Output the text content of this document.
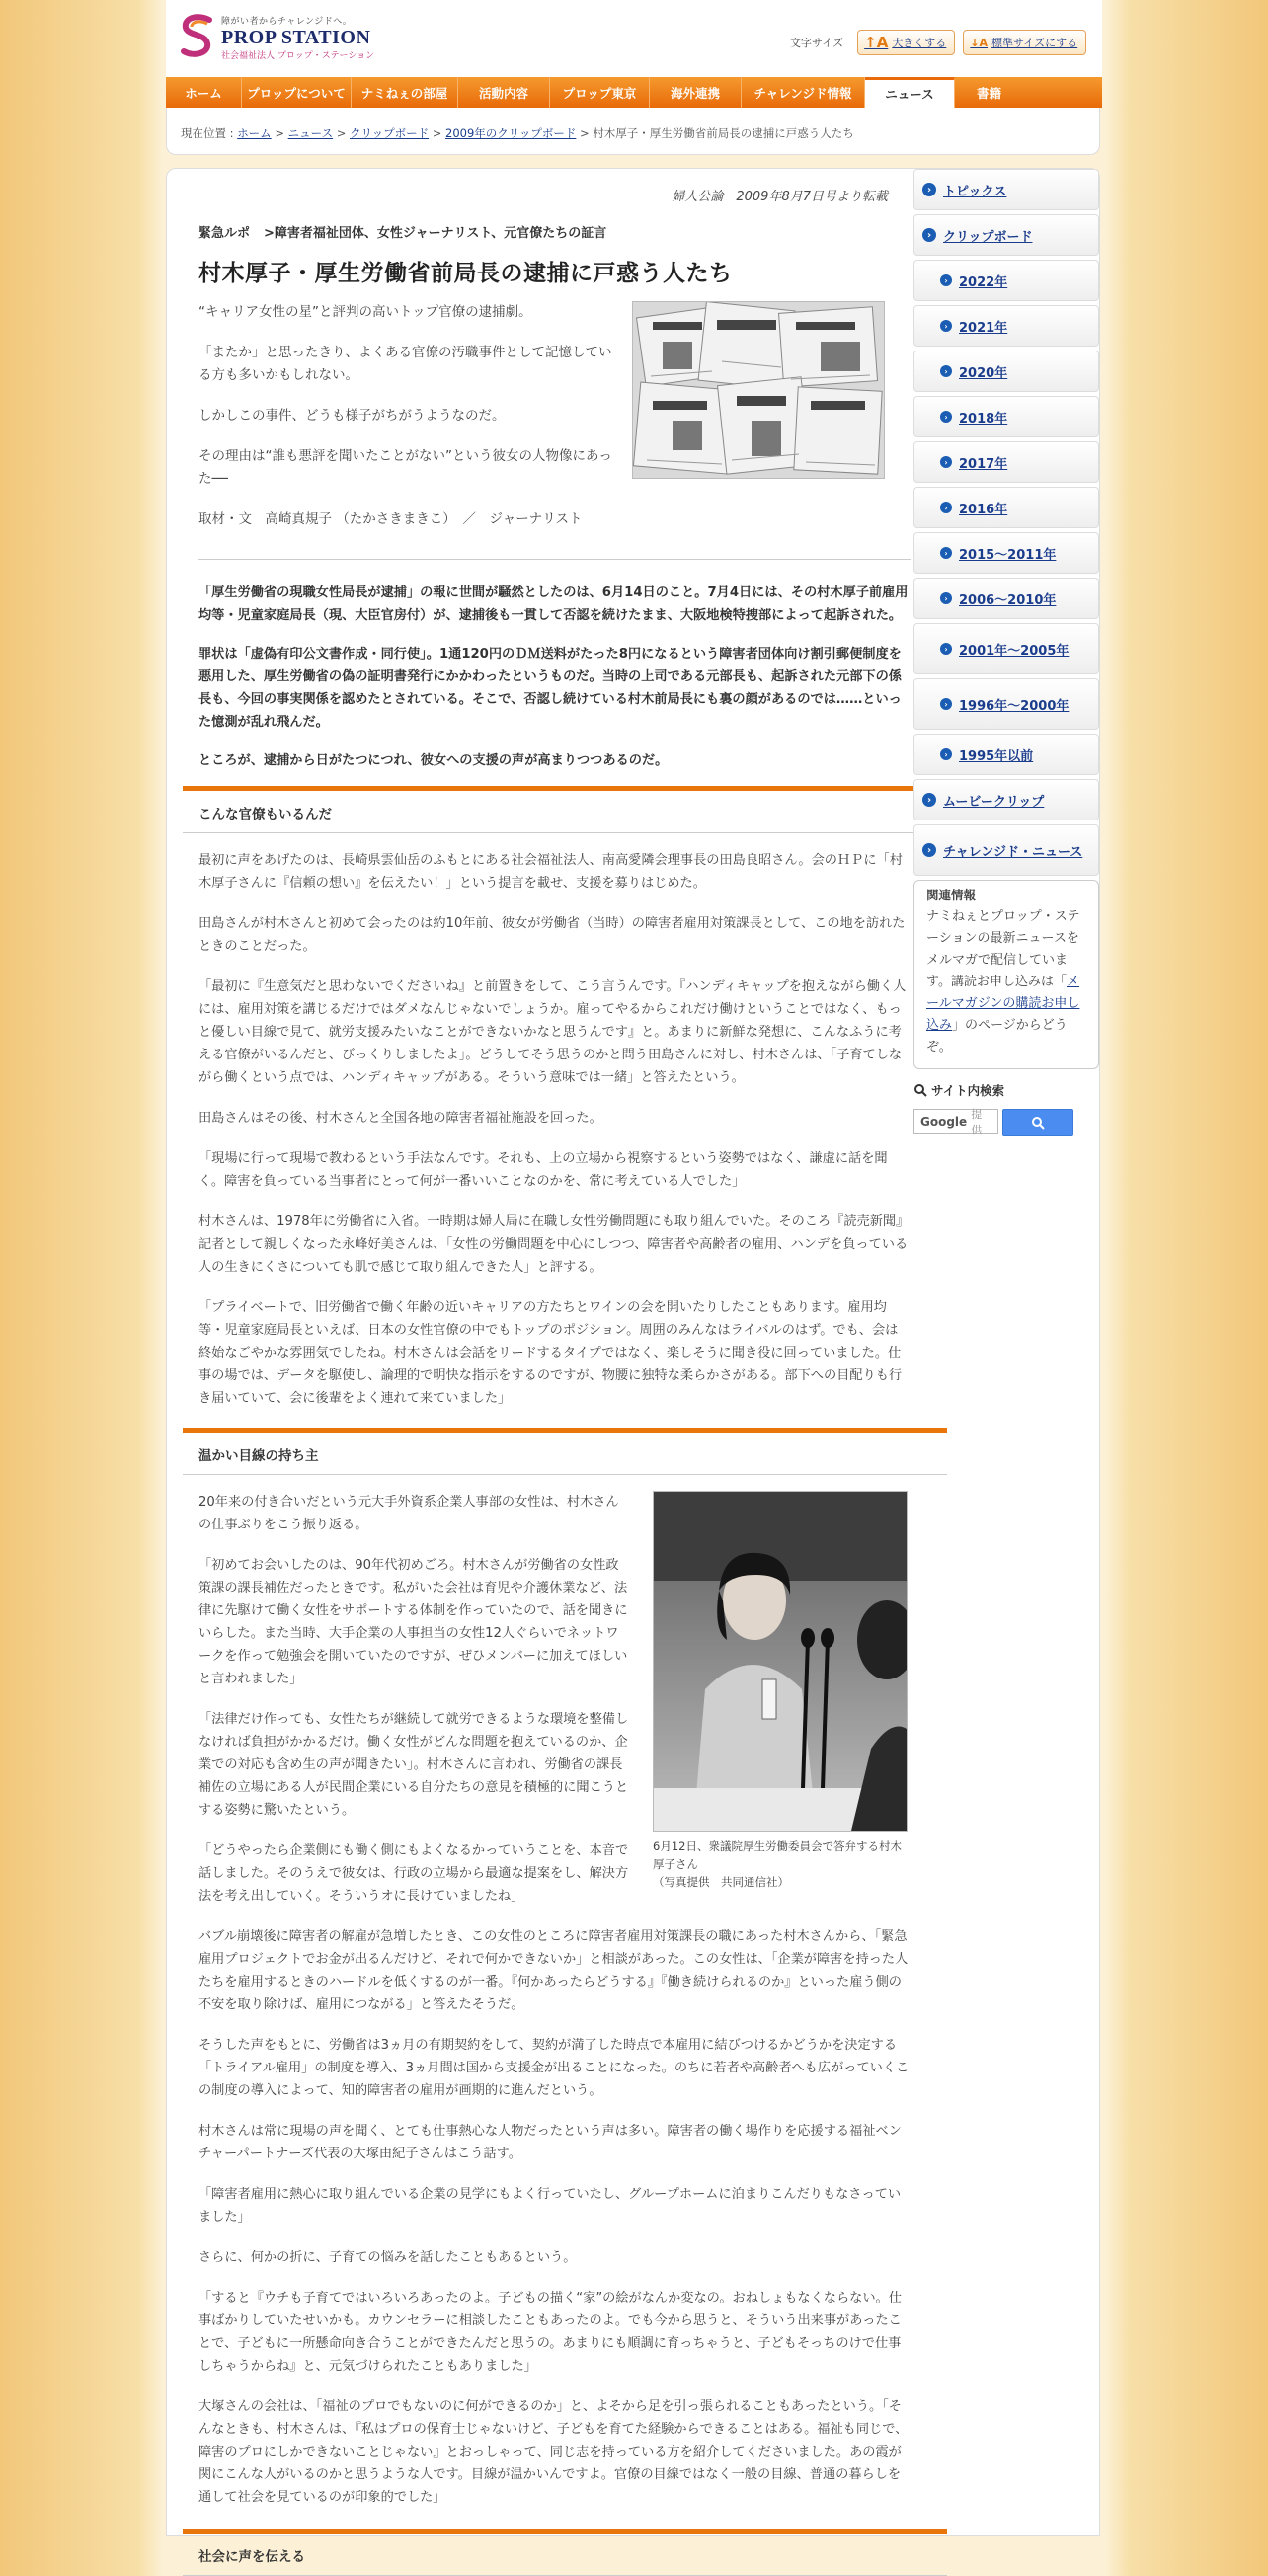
障がい者からチャレンジドへ。
PROP STATION
社会福祉法人 プロップ・ステーション
文字サイズ ↑A 大きくする ↓A 標準サイズにする
ホーム	プロップについて	ナミねぇの部屋	活動内容	プロップ東京	海外連携	チャレンジド情報	ニュース	書籍
現在位置 : ホーム > ニュース > クリップボード > 2009年のクリップボード > 村木厚子・厚生労働省前局長の逮捕に戸惑う人たち
婦人公論　2009年8月7日号より転載
緊急ルポ >障害者福祉団体、女性ジャーナリスト、元官僚たちの証言
村木厚子・厚生労働省前局長の逮捕に戸惑う人たち

“キャリア女性の星”と評判の高いトップ官僚の逮捕劇。

「またか」と思ったきり、よくある官僚の汚職事件として記憶している方も多いかもしれない。

しかしこの事件、どうも様子がちがうようなのだ。

その理由は“誰も悪評を聞いたことがない”という彼女の人物像にあった──

取材・文　高崎真規子 （たかさきまきこ）　／　ジャーナリスト

「厚生労働省の現職女性局長が逮捕」の報に世間が騒然としたのは、6月14日のこと。7月4日には、その村木厚子前雇用均等・児童家庭局長（現、大臣官房付）が、逮捕後も一貫して否認を続けたまま、大阪地検特捜部によって起訴された。

罪状は「虚偽有印公文書作成・同行使」。1通120円のＤＭ送料がたった8円になるという障害者団体向け割引郵便制度を悪用した、厚生労働省の偽の証明書発行にかかわったというものだ。当時の上司である元部長も、起訴された元部下の係長も、今回の事実関係を認めたとされている。そこで、否認し続けている村木前局長にも裏の顔があるのでは……といった憶測が乱れ飛んだ。

ところが、逮捕から日がたつにつれ、彼女への支援の声が高まりつつあるのだ。

こんな官僚もいるんだ

最初に声をあげたのは、長崎県雲仙岳のふもとにある社会福祉法人、南高愛隣会理事長の田島良昭さん。会のＨＰに「村木厚子さんに『信頼の想い』を伝えたい！」という提言を載せ、支援を募りはじめた。

田島さんが村木さんと初めて会ったのは約10年前、彼女が労働省（当時）の障害者雇用対策課長として、この地を訪れたときのことだった。

「最初に『生意気だと思わないでくださいね』と前置きをして、こう言うんです。『ハンディキャップを抱えながら働く人には、雇用対策を講じるだけではダメなんじゃないでしょうか。雇ってやるからこれだけ働けということではなく、もっと優しい目線で見て、就労支援みたいなことができないかなと思うんです』と。あまりに新鮮な発想に、こんなふうに考える官僚がいるんだと、びっくりしましたよ」。どうしてそう思うのかと問う田島さんに対し、村木さんは、「子育てしながら働くという点では、ハンディキャップがある。そういう意味では一緒」と答えたという。

田島さんはその後、村木さんと全国各地の障害者福祉施設を回った。

「現場に行って現場で教わるという手法なんです。それも、上の立場から視察するという姿勢ではなく、謙虚に話を聞く。障害を負っている当事者にとって何が一番いいことなのかを、常に考えている人でした」

村木さんは、1978年に労働省に入省。一時期は婦人局に在職し女性労働問題にも取り組んでいた。そのころ『読売新聞』記者として親しくなった永峰好美さんは、「女性の労働問題を中心にしつつ、障害者や高齢者の雇用、ハンデを負っている人の生きにくさについても肌で感じて取り組んできた人」と評する。

「プライベートで、旧労働省で働く年齢の近いキャリアの方たちとワインの会を開いたりしたこともあります。雇用均等・児童家庭局長といえば、日本の女性官僚の中でもトップのポジション。周囲のみんなはライバルのはず。でも、会は終始なごやかな雰囲気でしたね。村木さんは会話をリードするタイプではなく、楽しそうに聞き役に回っていました。仕事の場では、データを駆使し、論理的で明快な指示をするのですが、物腰に独特な柔らかさがある。部下への目配りも行き届いていて、会に後輩をよく連れて来ていました」

温かい目線の持ち主

20年来の付き合いだという元大手外資系企業人事部の女性は、村木さんの仕事ぶりをこう振り返る。

「初めてお会いしたのは、90年代初めごろ。村木さんが労働省の女性政策課の課長補佐だったときです。私がいた会社は育児や介護休業など、法律に先駆けて働く女性をサポートする体制を作っていたので、話を聞きにいらした。また当時、大手企業の人事担当の女性12人ぐらいでネットワークを作って勉強会を開いていたのですが、ぜひメンバーに加えてほしいと言われました」

「法律だけ作っても、女性たちが継続して就労できるような環境を整備しなければ負担がかかるだけ。働く女性がどんな問題を抱えているのか、企業での対応も含め生の声が聞きたい」。村木さんに言われ、労働省の課長補佐の立場にある人が民間企業にいる自分たちの意見を積極的に聞こうとする姿勢に驚いたという。

「どうやったら企業側にも働く側にもよくなるかっていうことを、本音で話しました。そのうえで彼女は、行政の立場から最適な提案をし、解決方法を考え出していく。そういうオに長けていましたね」

6月12日、衆議院厚生労働委員会で答弁する村木厚子さん
（写真提供　共同通信社）

バブル崩壊後に障害者の解雇が急増したとき、この女性のところに障害者雇用対策課長の職にあった村木さんから、「緊急雇用プロジェクトでお金が出るんだけど、それで何かできないか」と相談があった。この女性は、「企業が障害を持った人たちを雇用するときのハードルを低くするのが一番。『何かあったらどうする』『働き続けられるのか』といった雇う側の不安を取り除けば、雇用につながる」と答えたそうだ。

そうした声をもとに、労働省は3ヵ月の有期契約をして、契約が満了した時点で本雇用に結びつけるかどうかを決定する「トライアル雇用」の制度を導入、3ヵ月間は国から支援金が出ることになった。のちに若者や高齢者へも広がっていくこの制度の導入によって、知的障害者の雇用が画期的に進んだという。

村木さんは常に現場の声を聞く、とても仕事熱心な人物だったという声は多い。障害者の働く場作りを応援する福祉ベンチャーパートナーズ代表の大塚由紀子さんはこう話す。

「障害者雇用に熱心に取り組んでいる企業の見学にもよく行っていたし、グループホームに泊まりこんだりもなさっていました」

さらに、何かの折に、子育ての悩みを話したこともあるという。

「すると『ウチも子育てではいろいろあったのよ。子どもの描く“家”の絵がなんか変なの。おねしょもなくならない。仕事ばかりしていたせいかも。カウンセラーに相談したこともあったのよ。でも今から思うと、そういう出来事があったことで、子どもに一所懸命向き合うことができたんだと思うの。あまりにも順調に育っちゃうと、子どもそっちのけで仕事しちゃうからね』と、元気づけられたこともありました」

大塚さんの会社は、「福祉のプロでもないのに何ができるのか」と、よそから足を引っ張られることもあったという。「そんなときも、村木さんは、『私はプロの保育士じゃないけど、子どもを育てた経験からできることはある。福祉も同じで、障害のプロにしかできないことじゃない』とおっしゃって、同じ志を持っている方を紹介してくださいました。あの霞が関にこんな人がいるのかと思うような人です。目線が温かいんですよ。官僚の目線ではなく一般の目線、普通の暮らしを通して社会を見ているのが印象的でした」

社会に声を伝える
› トピックス
› クリップボード
› 2022年
› 2021年
› 2020年
› 2018年
› 2017年
› 2016年
› 2015～2011年
› 2006～2010年
› 2001年～2005年
› 1996年～2000年
› 1995年以前
› ムービークリップ
› チャレンジド・ニュース
関連情報
ナミねぇとプロップ・ステーションの最新ニュースをメルマガで配信しています。講読お申し込みは「メールマガジンの購読お申し込み」のページからどうぞ。
サイト内検索
Google
提供
